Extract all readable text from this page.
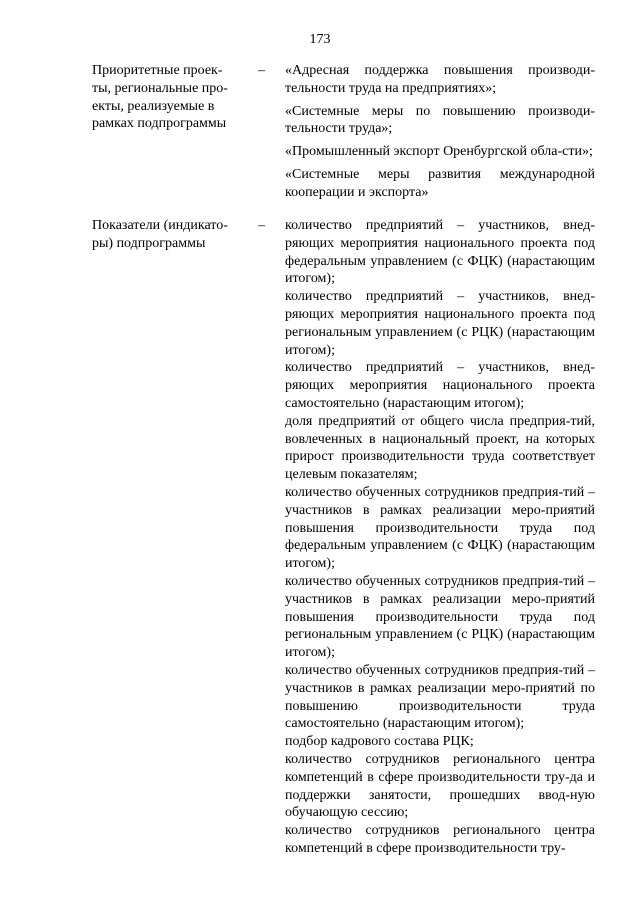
173
Приоритетные проек-
ты, региональные про-
екты, реализуемые в
рамках подпрограммы
– «Адресная поддержка повышения производи-тельности труда на предприятиях»;

«Системные меры по повышению производи-тельности труда»;

«Промышленный экспорт Оренбургской обла-сти»;

«Системные меры развития международной кооперации и экспорта»

Показатели (индикато-
ры) подпрограммы
– количество предприятий – участников, внед-ряющих мероприятия национального проекта под федеральным управлением (с ФЦК) (нарастающим итогом);

количество предприятий – участников, внед-ряющих мероприятия национального проекта под региональным управлением (с РЦК) (нарастающим итогом);

количество предприятий – участников, внед-ряющих мероприятия национального проекта самостоятельно (нарастающим итогом);

доля предприятий от общего числа предприя-тий, вовлеченных в национальный проект, на которых прирост производительности труда соответствует целевым показателям;

количество обученных сотрудников предприя-тий – участников в рамках реализации меро-приятий повышения производительности труда под федеральным управлением (с ФЦК) (нарастающим итогом);

количество обученных сотрудников предприя-тий – участников в рамках реализации меро-приятий повышения производительности труда под региональным управлением (с РЦК) (нарастающим итогом);

количество обученных сотрудников предприя-тий – участников в рамках реализации меро-приятий по повышению производительности труда самостоятельно (нарастающим итогом);

подбор кадрового состава РЦК;

количество сотрудников регионального центра компетенций в сфере производительности тру-да и поддержки занятости, прошедших ввод-ную обучающую сессию;

количество сотрудников регионального центра компетенций в сфере производительности тру-
